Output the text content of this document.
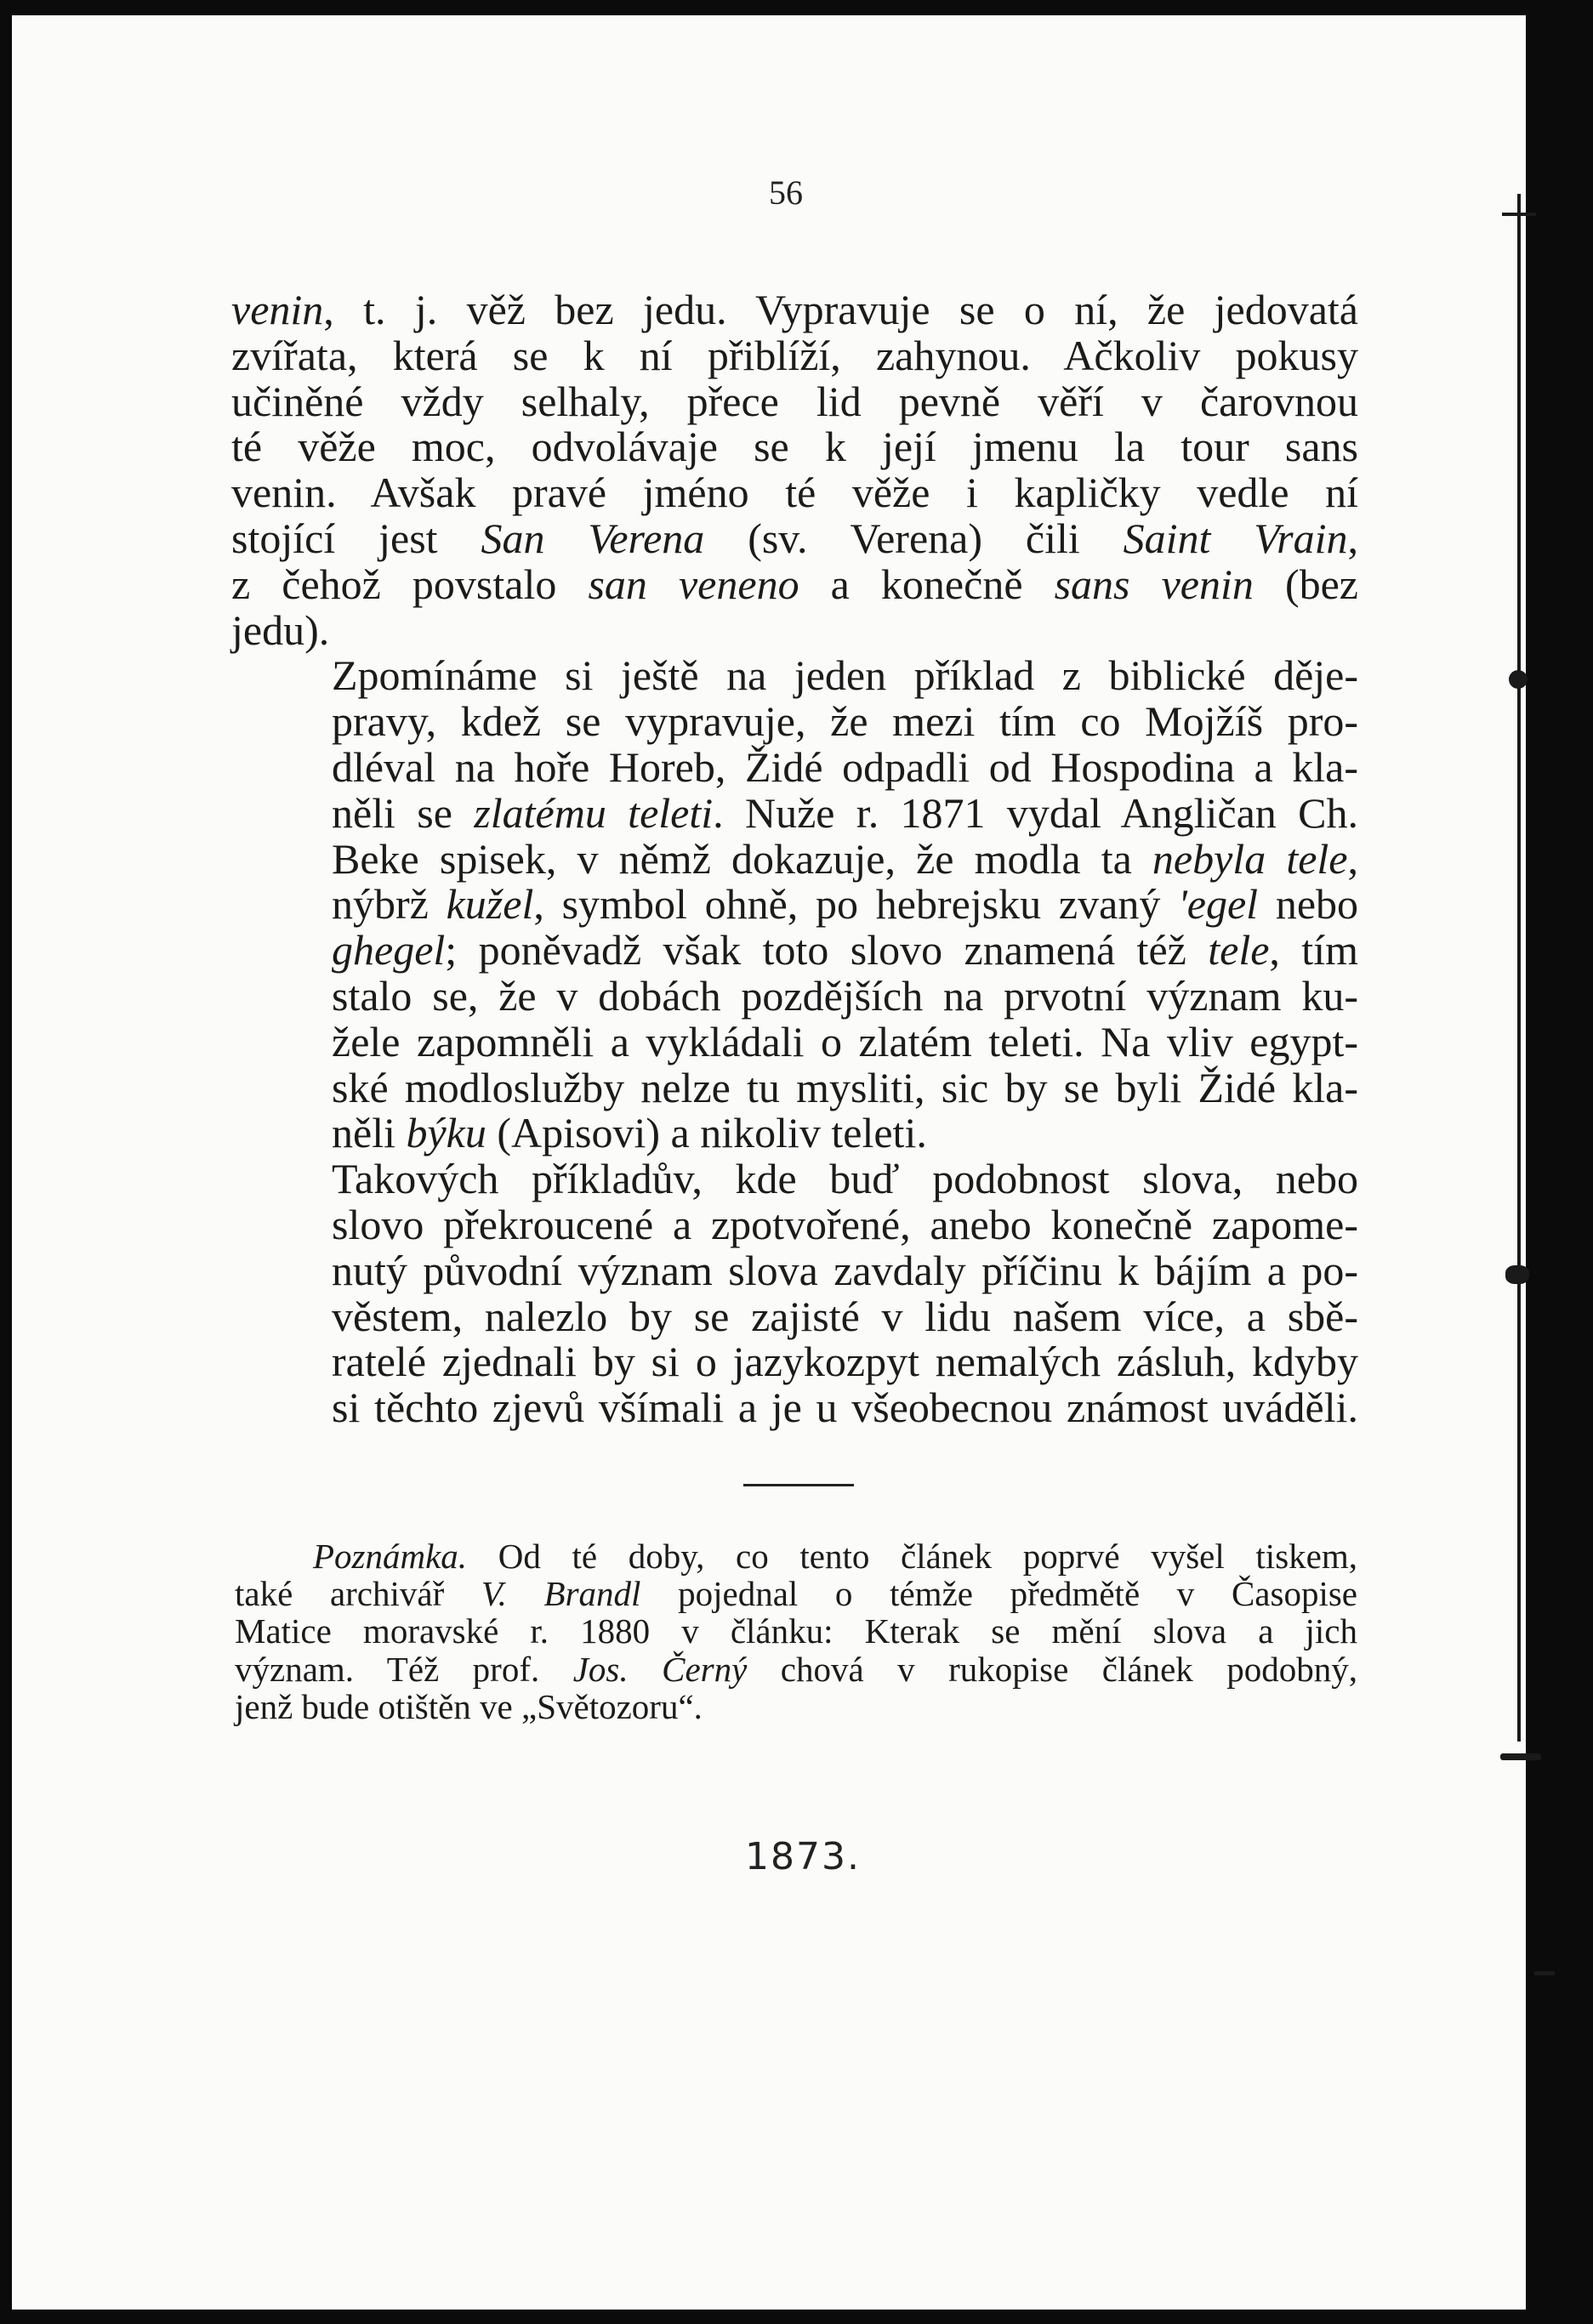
56

venin, t. j. věž bez jedu. Vypravuje se o ní, že jedovatá
zvířata, která se k ní přiblíží, zahynou. Ačkoliv pokusy
učiněné vždy selhaly, přece lid pevně věří v čarovnou
té věže moc, odvolávaje se k její jmenu la tour sans
venin. Avšak pravé jméno té věže i kapličky vedle ní
stojící jest San Verena (sv. Verena) čili Saint Vrain,
z čehož povstalo san veneno a konečně sans venin (bez
jedu).

Zpomínáme si ještě na jeden příklad z biblické děje-
pravy, kdež se vypravuje, že mezi tím co Mojžíš pro-
dléval na hoře Horeb, Židé odpadli od Hospodina a kla-
něli se zlatému teleti. Nuže r. 1871 vydal Angličan Ch.
Beke spisek, v němž dokazuje, že modla ta nebyla tele,
nýbrž kužel, symbol ohně, po hebrejsku zvaný 'egel nebo
ghegel; poněvadž však toto slovo znamená též tele, tím
stalo se, že v dobách pozdějších na prvotní význam ku-
žele zapomněli a vykládali o zlatém teleti. Na vliv egypt-
ské modloslužby nelze tu mysliti, sic by se byli Židé kla-
něli býku (Apisovi) a nikoliv teleti.

Takových příkladův, kde buď podobnost slova, nebo
slovo překroucené a zpotvořené, anebo konečně zapome-
nutý původní význam slova zavdaly příčinu k bájím a po-
věstem, nalezlo by se zajisté v lidu našem více, a sbě-
ratelé zjednali by si o jazykozpyt nemalých zásluh, kdyby
si těchto zjevů všímali a je u všeobecnou známost uváděli.

Poznámka. Od té doby, co tento článek poprvé vyšel tiskem,
také archivář V. Brandl pojednal o témže předmětě v Časopise
Matice moravské r. 1880 v článku: Kterak se mění slova a jich
význam. Též prof. Jos. Černý chová v rukopise článek podobný,
jenž bude otištěn ve „Světozoru“.

1873.
